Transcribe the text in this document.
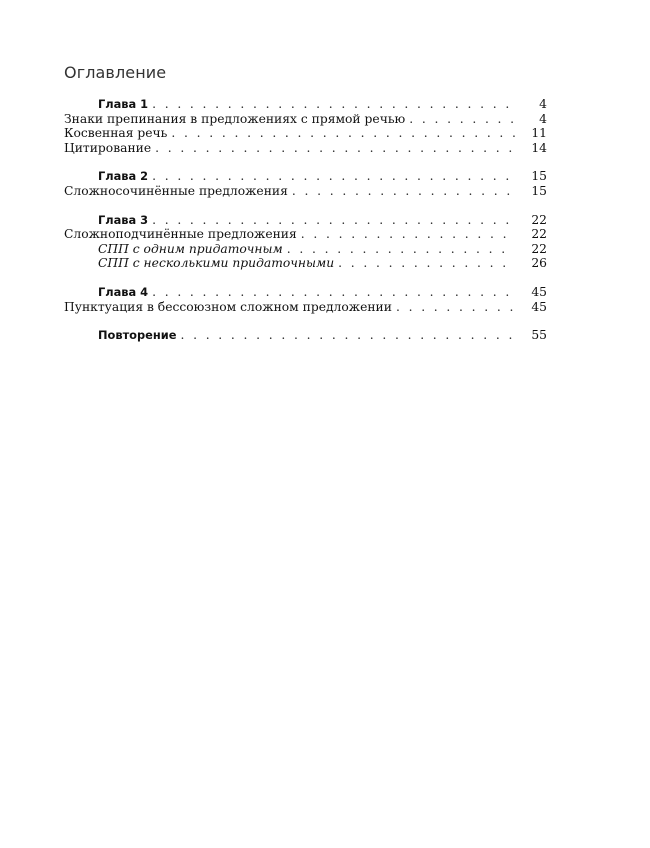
Оглавление
Глава 1 . . .	4
Знаки препинания в предложениях с прямой речью . . .	4
Косвенная речь . . .	11
Цитирование . . .	14
Глава 2 . . .	15
Сложносочинённые предложения . . .	15
Глава 3 . . .	22
Сложноподчинённые предложения . . .	22
СПП с одним придаточным . . .	22
СПП с несколькими придаточными . . .	26
Глава 4 . . .	45
Пунктуация в бессоюзном сложном предложении . . .	45
Повторение . . .	55
